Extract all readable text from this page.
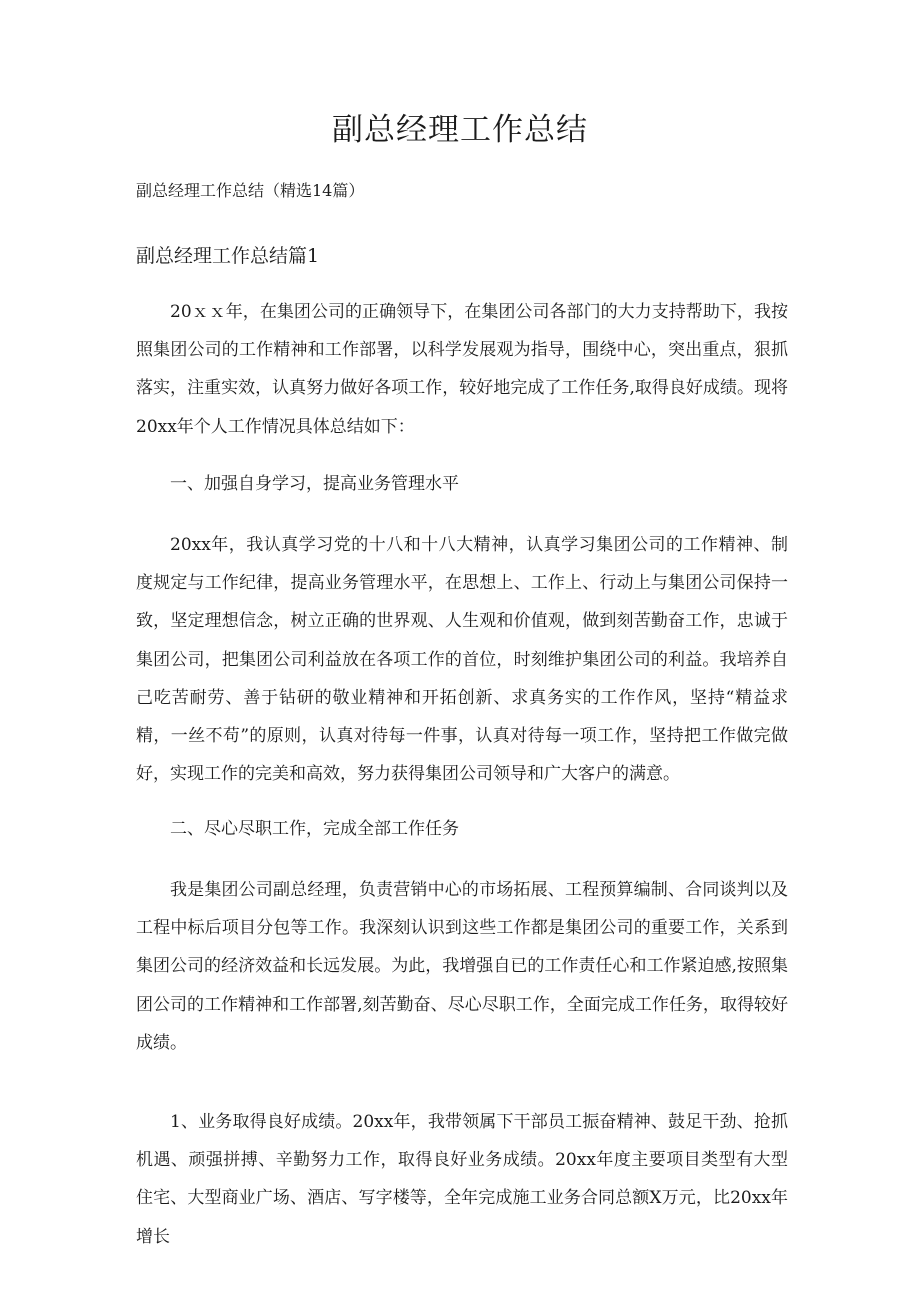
副总经理工作总结

副总经理工作总结（精选14篇）

副总经理工作总结篇1

20ｘｘ年，在集团公司的正确领导下，在集团公司各部门的大力支持帮助下，我按照集团公司的工作精神和工作部署，以科学发展观为指导，围绕中心，突出重点，狠抓落实，注重实效，认真努力做好各项工作，较好地完成了工作任务,取得良好成绩。现将20xx年个人工作情况具体总结如下：

一、加强自身学习，提高业务管理水平

20xx年，我认真学习党的十八和十八大精神，认真学习集团公司的工作精神、制度规定与工作纪律，提高业务管理水平，在思想上、工作上、行动上与集团公司保持一致，坚定理想信念，树立正确的世界观、人生观和价值观，做到刻苦勤奋工作，忠诚于集团公司，把集团公司利益放在各项工作的首位，时刻维护集团公司的利益。我培养自己吃苦耐劳、善于钻研的敬业精神和开拓创新、求真务实的工作作风，坚持“精益求精，一丝不苟”的原则，认真对待每一件事，认真对待每一项工作，坚持把工作做完做好，实现工作的完美和高效，努力获得集团公司领导和广大客户的满意。

二、尽心尽职工作，完成全部工作任务

我是集团公司副总经理，负责营销中心的市场拓展、工程预算编制、合同谈判以及工程中标后项目分包等工作。我深刻认识到这些工作都是集团公司的重要工作，关系到集团公司的经济效益和长远发展。为此，我增强自已的工作责任心和工作紧迫感,按照集团公司的工作精神和工作部署,刻苦勤奋、尽心尽职工作，全面完成工作任务，取得较好成绩。

1、业务取得良好成绩。20xx年，我带领属下干部员工振奋精神、鼓足干劲、抢抓机遇、顽强拼搏、辛勤努力工作，取得良好业务成绩。20xx年度主要项目类型有大型住宅、大型商业广场、酒店、写字楼等，全年完成施工业务合同总额X万元，比20xx年增长
